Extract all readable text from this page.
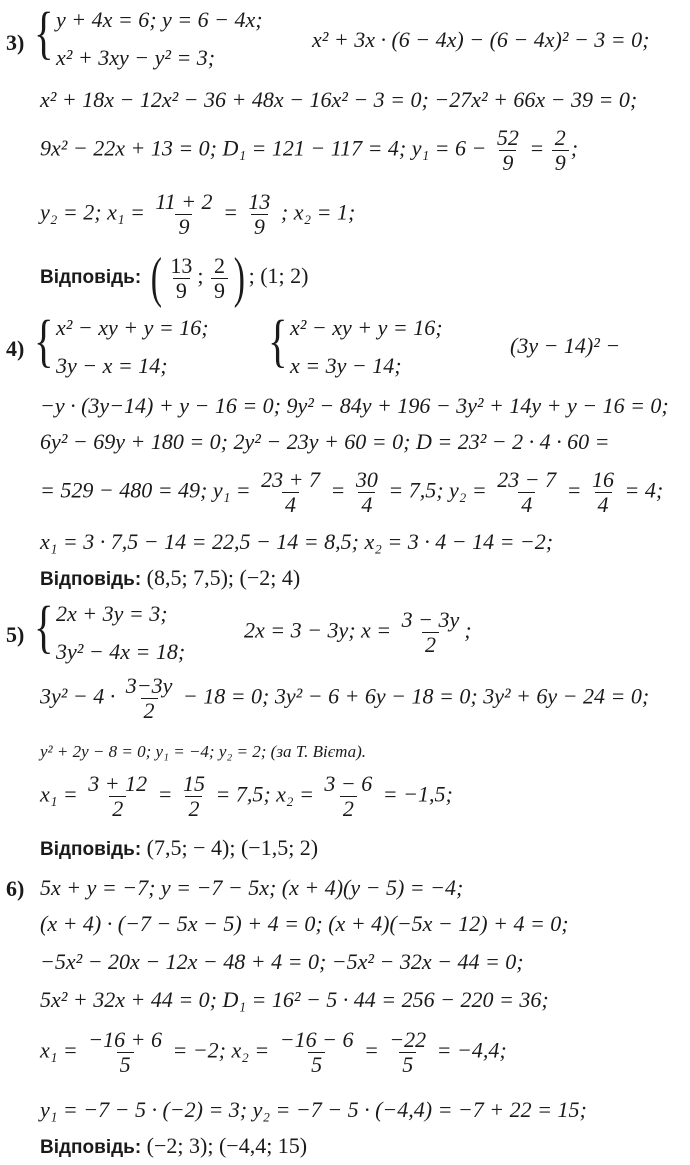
3) { y + 4x = 6; y = 6 − 4x;
x² + 3xy − y² = 3;
x² + 3x · (6 − 4x) − (6 − 4x)² − 3 = 0;
x² + 18x − 12x² − 36 + 48x − 16x² − 3 = 0; −27x² + 66x − 39 = 0;
9x² − 22x + 13 = 0; D₁ = 121 − 117 = 4; $y_1 = 6 - \frac{52}{9} = \frac{2}{9}$ ;
y₂ = 2; $x_1 = \frac{11 + 2}{9} = \frac{13}{9}$ ; x₂ = 1;
Відповідь: ( $\frac{13}{9}$ ; $\frac{2}{9}$ ) ; (1; 2)
4) { x² − xy + y = 16;
3y − x = 14; { x² − xy + y = 16;
x = 3y − 14;
(3y − 14)² −
−y · (3y−14) + y − 16 = 0; 9y² − 84y + 196 − 3y² + 14y + y − 16 = 0;
6y² − 69y + 180 = 0; 2y² − 23y + 60 = 0; D = 23² − 2 · 4 · 60 =
= 529 − 480 = 49; $y_1 = \frac{23 + 7}{4} = \frac{30}{4} = 7,5$; $y_2 = \frac{23 - 7}{4} = \frac{16}{4} = 4$;
x₁ = 3 · 7,5 − 14 = 22,5 − 14 = 8,5; x₂ = 3 · 4 − 14 = −2;
Відповідь: (8,5; 7,5); (−2; 4)
5) { 2x + 3y = 3;
3y² − 4x = 18;
2x = 3 − 3y; $x = \frac{3 - 3y}{2}$ ;
$3y^2 - 4 \cdot \frac{3-3y}{2} - 18 = 0$; 3y² − 6 + 6y − 18 = 0; 3y² + 6y − 24 = 0;
y² + 2y − 8 = 0; y₁ = −4; y₂ = 2; (за Т. Вієта).
$x_1 = \frac{3 + 12}{2} = \frac{15}{2} = 7,5$; $x_2 = \frac{3 - 6}{2} = -1,5$;
Відповідь: (7,5; − 4); (−1,5; 2)
6) 5x + y = −7; y = −7 − 5x; (x + 4)(y − 5) = −4;
(x + 4) · (−7 − 5x − 5) + 4 = 0; (x + 4)(−5x − 12) + 4 = 0;
−5x² − 20x − 12x − 48 + 4 = 0; −5x² − 32x − 44 = 0;
5x² + 32x + 44 = 0; D₁ = 16² − 5 · 44 = 256 − 220 = 36;
$x_1 = \frac{-16 + 6}{5} = -2$; $x_2 = \frac{-16 - 6}{5} = \frac{-22}{5} = -4,4$;
y₁ = −7 − 5 · (−2) = 3; y₂ = −7 − 5 · (−4,4) = −7 + 22 = 15;
Відповідь: (−2; 3); (−4,4; 15)
